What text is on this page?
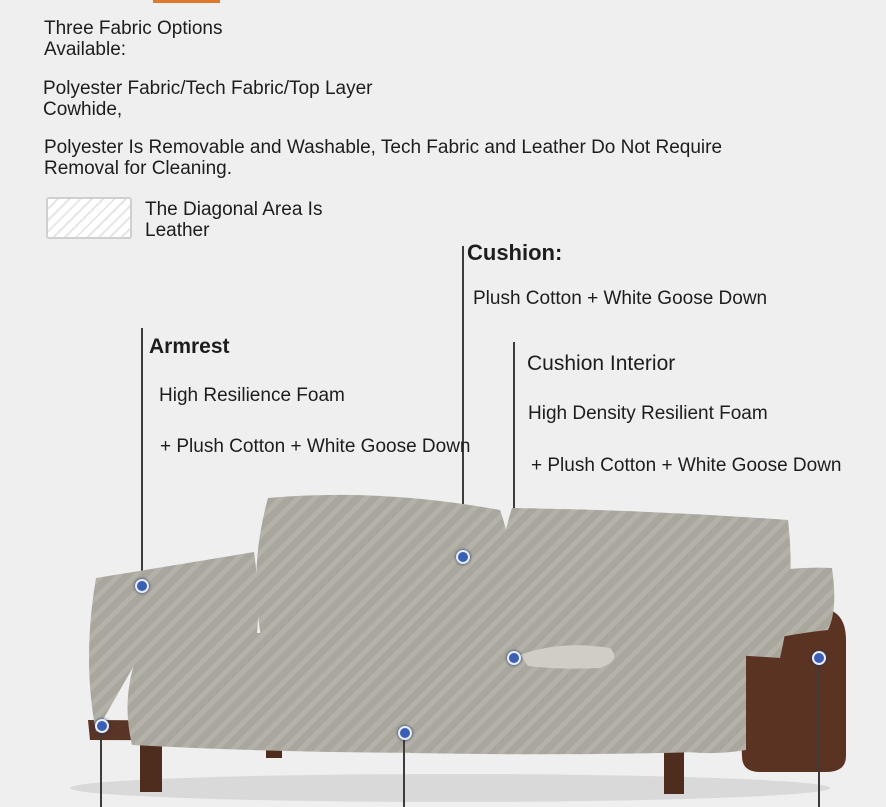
Three Fabric Options Available:

Polyester Fabric/Tech Fabric/Top Layer Cowhide,

Polyester Is Removable and Washable, Tech Fabric and Leather Do Not Require Removal for Cleaning.

The Diagonal Area Is Leather

Cushion:

Plush Cotton + White Goose Down

Armrest

High Resilience Foam

+ Plush Cotton + White Goose Down

Cushion Interior

High Density Resilient Foam

+ Plush Cotton + White Goose Down
